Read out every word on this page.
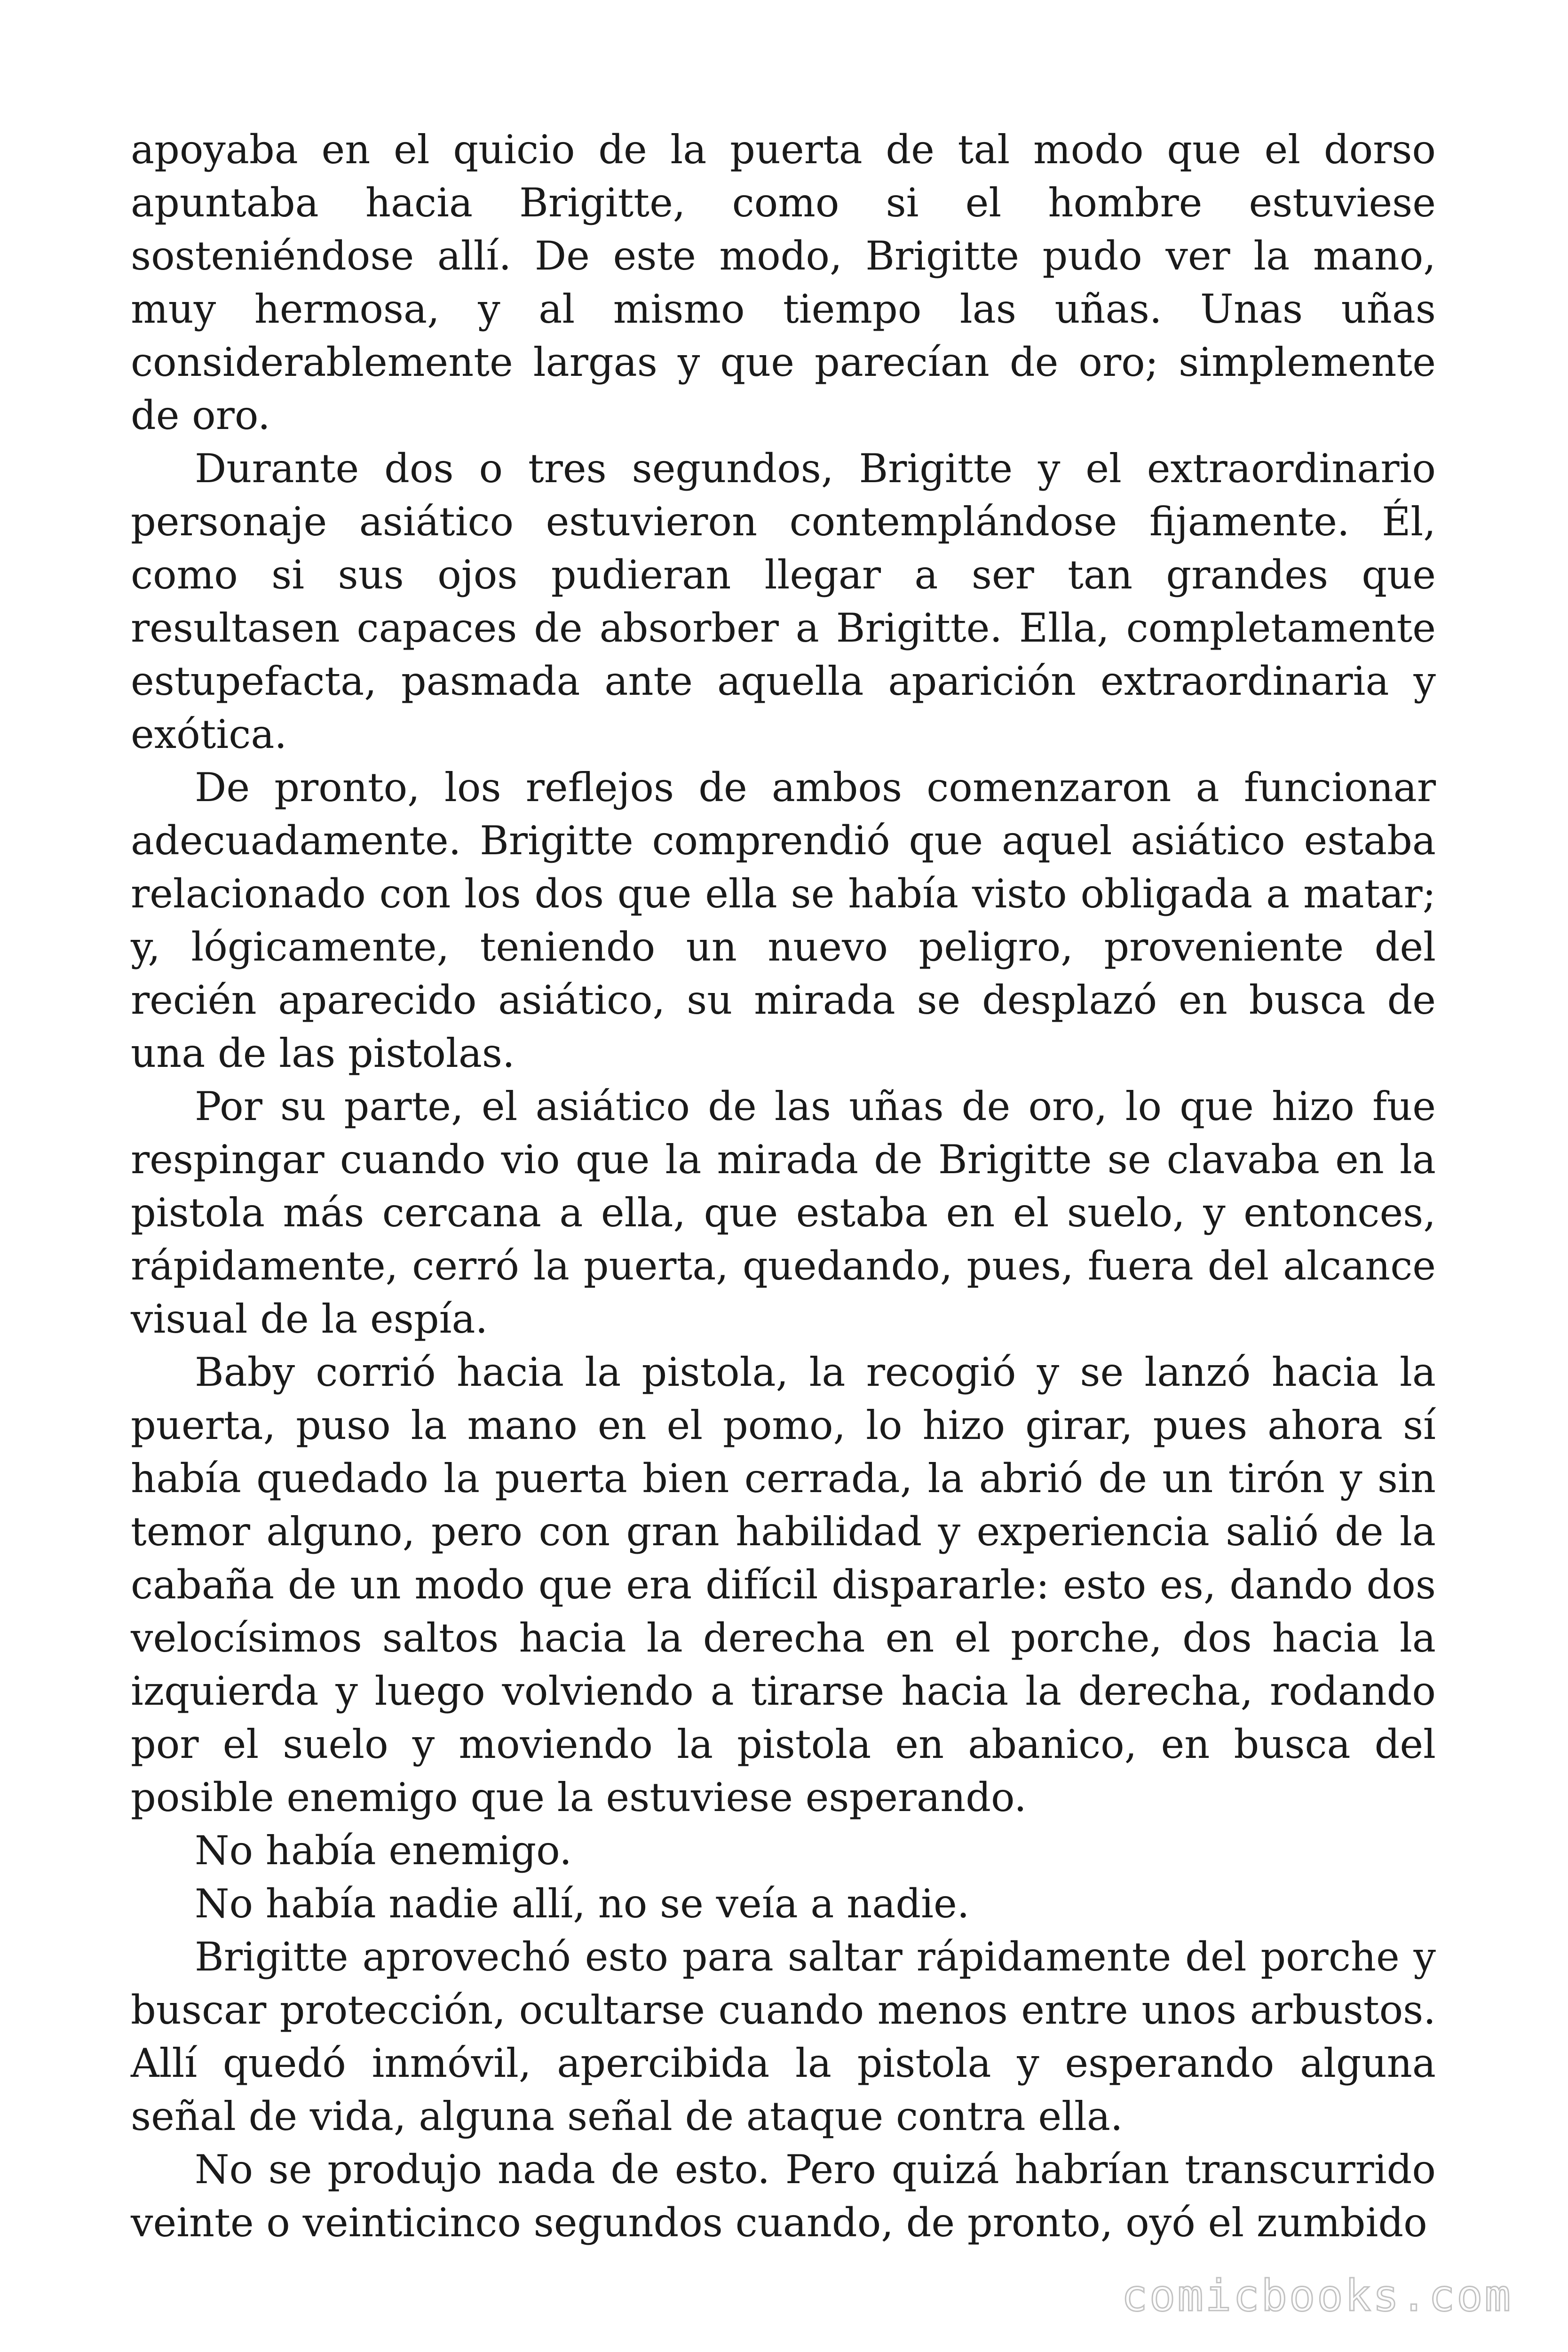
apoyaba en el quicio de la puerta de tal modo que el dorso apuntaba hacia Brigitte, como si el hombre estuviese sosteniéndose allí. De este modo, Brigitte pudo ver la mano, muy hermosa, y al mismo tiempo las uñas. Unas uñas considerablemente largas y que parecían de oro; simplemente de oro.

Durante dos o tres segundos, Brigitte y el extraordinario personaje asiático estuvieron contemplándose fijamente. Él, como si sus ojos pudieran llegar a ser tan grandes que resultasen capaces de absorber a Brigitte. Ella, completamente estupefacta, pasmada ante aquella aparición extraordinaria y exótica.

De pronto, los reflejos de ambos comenzaron a funcionar adecuadamente. Brigitte comprendió que aquel asiático estaba relacionado con los dos que ella se había visto obligada a matar; y, lógicamente, teniendo un nuevo peligro, proveniente del recién aparecido asiático, su mirada se desplazó en busca de una de las pistolas.

Por su parte, el asiático de las uñas de oro, lo que hizo fue respingar cuando vio que la mirada de Brigitte se clavaba en la pistola más cercana a ella, que estaba en el suelo, y entonces, rápidamente, cerró la puerta, quedando, pues, fuera del alcance visual de la espía.

Baby corrió hacia la pistola, la recogió y se lanzó hacia la puerta, puso la mano en el pomo, lo hizo girar, pues ahora sí había quedado la puerta bien cerrada, la abrió de un tirón y sin temor alguno, pero con gran habilidad y experiencia salió de la cabaña de un modo que era difícil dispararle: esto es, dando dos velocísimos saltos hacia la derecha en el porche, dos hacia la izquierda y luego volviendo a tirarse hacia la derecha, rodando por el suelo y moviendo la pistola en abanico, en busca del posible enemigo que la estuviese esperando.

No había enemigo.

No había nadie allí, no se veía a nadie.

Brigitte aprovechó esto para saltar rápidamente del porche y buscar protección, ocultarse cuando menos entre unos arbustos. Allí quedó inmóvil, apercibida la pistola y esperando alguna señal de vida, alguna señal de ataque contra ella.

No se produjo nada de esto. Pero quizá habrían transcurrido veinte o veinticinco segundos cuando, de pronto, oyó el zumbido

comicbooks.com
